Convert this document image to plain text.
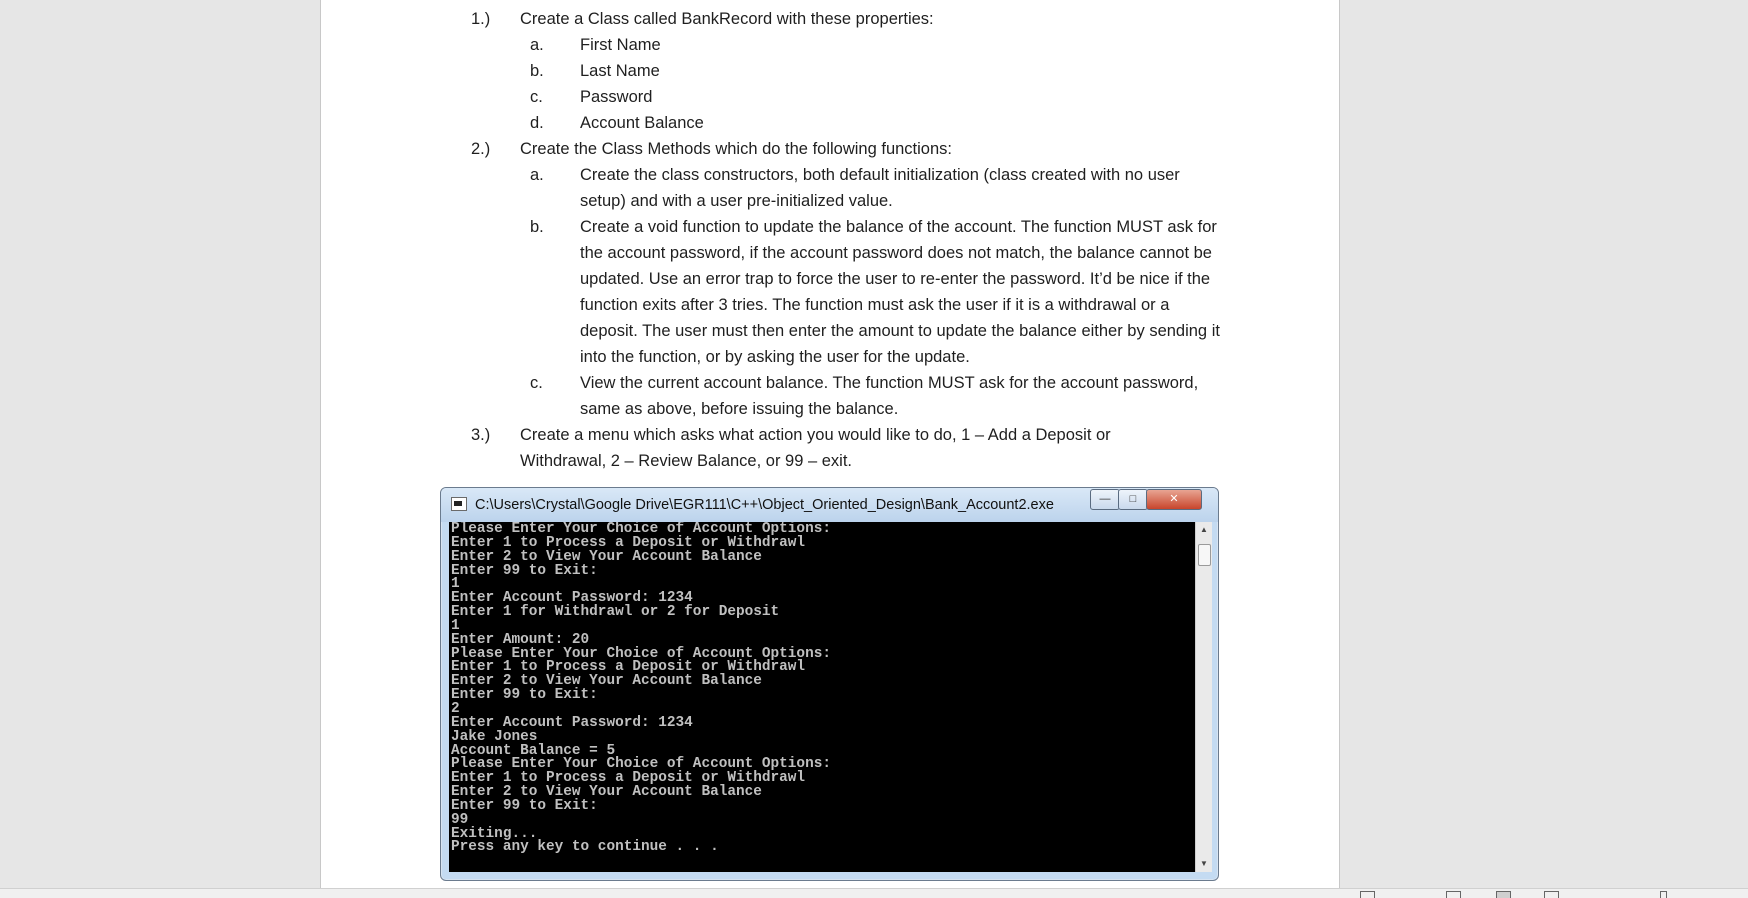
1.) Create a Class called BankRecord with these properties:
a. First Name
b. Last Name
c. Password
d. Account Balance
2.) Create the Class Methods which do the following functions:
a. Create the class constructors, both default initialization (class created with no user setup) and with a user pre-initialized value.
b. Create a void function to update the balance of the account. The function MUST ask for the account password, if the account password does not match, the balance cannot be updated. Use an error trap to force the user to re-enter the password. It’d be nice if the function exits after 3 tries. The function must ask the user if it is a withdrawal or a deposit. The user must then enter the amount to update the balance either by sending it into the function, or by asking the user for the update.
c. View the current account balance. The function MUST ask for the account password, same as above, before issuing the balance.
3.) Create a menu which asks what action you would like to do, 1 – Add a Deposit or Withdrawal, 2 – Review Balance, or 99 – exit.
C:\Users\Crystal\Google Drive\EGR111\C++\Object_Oriented_Design\Bank_Account2.exe	—	□	✕
Please Enter Your Choice of Account Options:
Enter 1 to Process a Deposit or Withdrawl
Enter 2 to View Your Account Balance
Enter 99 to Exit:
1
Enter Account Password: 1234
Enter 1 for Withdrawl or 2 for Deposit
1
Enter Amount: 20
Please Enter Your Choice of Account Options:
Enter 1 to Process a Deposit or Withdrawl
Enter 2 to View Your Account Balance
Enter 99 to Exit:
2
Enter Account Password: 1234
Jake Jones
Account Balance = 5
Please Enter Your Choice of Account Options:
Enter 1 to Process a Deposit or Withdrawl
Enter 2 to View Your Account Balance
Enter 99 to Exit:
99
Exiting...
Press any key to continue . . .
▲
▼
